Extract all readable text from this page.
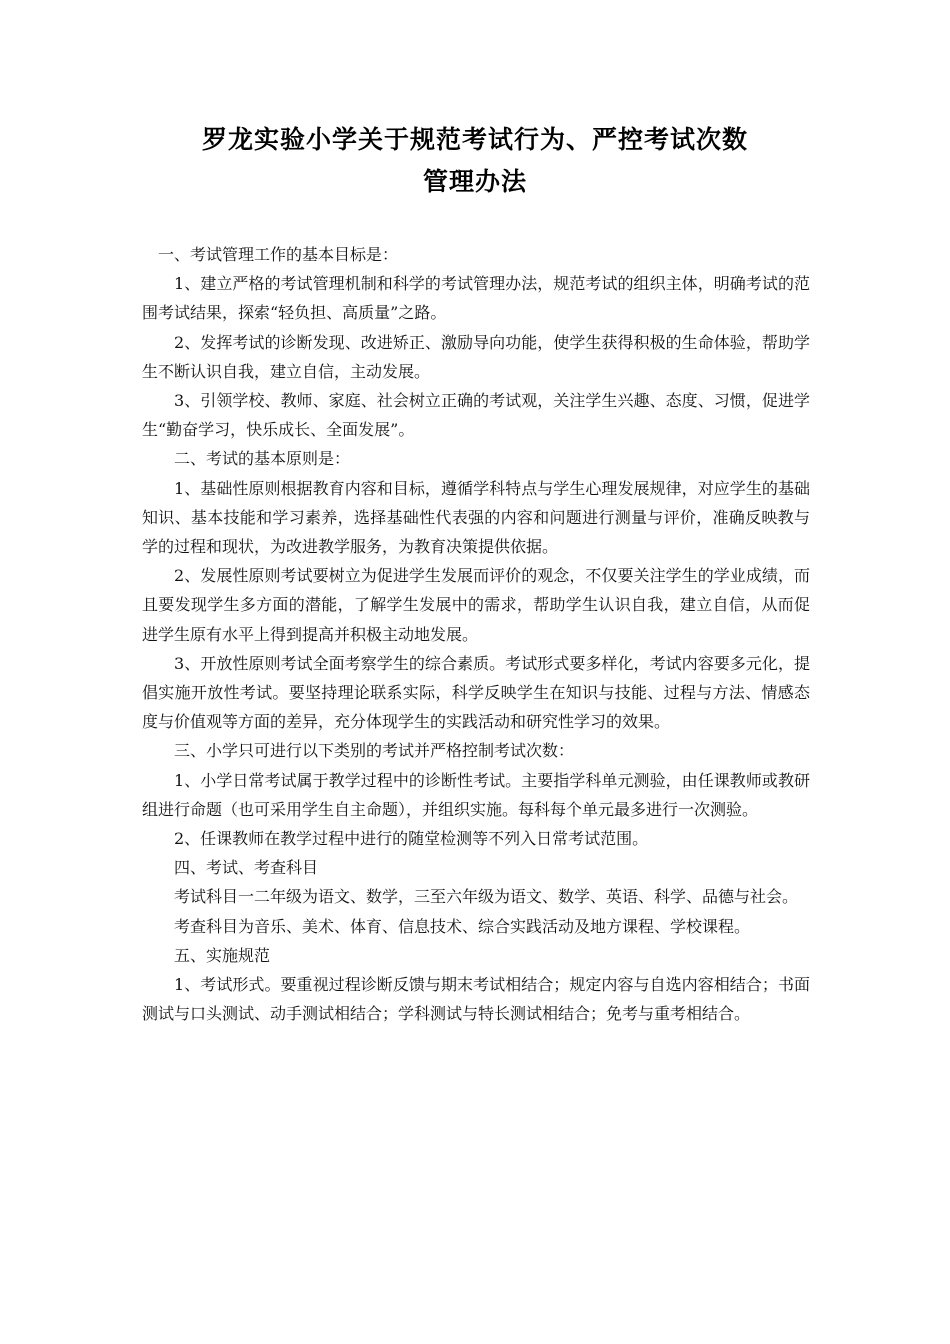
罗龙实验小学关于规范考试行为、严控考试次数
管理办法

一、考试管理工作的基本目标是：

1、建立严格的考试管理机制和科学的考试管理办法，规范考试的组织主体，明确考试的范围考试结果，探索“轻负担、高质量”之路。

2、发挥考试的诊断发现、改进矫正、激励导向功能，使学生获得积极的生命体验，帮助学生不断认识自我，建立自信，主动发展。

3、引领学校、教师、家庭、社会树立正确的考试观，关注学生兴趣、态度、习惯，促进学生“勤奋学习，快乐成长、全面发展”。

二、考试的基本原则是：

1、基础性原则根据教育内容和目标，遵循学科特点与学生心理发展规律，对应学生的基础知识、基本技能和学习素养，选择基础性代表强的内容和问题进行测量与评价，准确反映教与学的过程和现状，为改进教学服务，为教育决策提供依据。

2、发展性原则考试要树立为促进学生发展而评价的观念，不仅要关注学生的学业成绩，而且要发现学生多方面的潜能，了解学生发展中的需求，帮助学生认识自我，建立自信，从而促进学生原有水平上得到提高并积极主动地发展。

3、开放性原则考试全面考察学生的综合素质。考试形式要多样化，考试内容要多元化，提倡实施开放性考试。要坚持理论联系实际，科学反映学生在知识与技能、过程与方法、情感态度与价值观等方面的差异，充分体现学生的实践活动和研究性学习的效果。

三、小学只可进行以下类别的考试并严格控制考试次数：

1、小学日常考试属于教学过程中的诊断性考试。主要指学科单元测验，由任课教师或教研组进行命题（也可采用学生自主命题），并组织实施。每科每个单元最多进行一次测验。

2、任课教师在教学过程中进行的随堂检测等不列入日常考试范围。

四、考试、考查科目

考试科目一二年级为语文、数学，三至六年级为语文、数学、英语、科学、品德与社会。

考查科目为音乐、美术、体育、信息技术、综合实践活动及地方课程、学校课程。

五、实施规范

1、考试形式。要重视过程诊断反馈与期末考试相结合；规定内容与自选内容相结合；书面测试与口头测试、动手测试相结合；学科测试与特长测试相结合；免考与重考相结合。
